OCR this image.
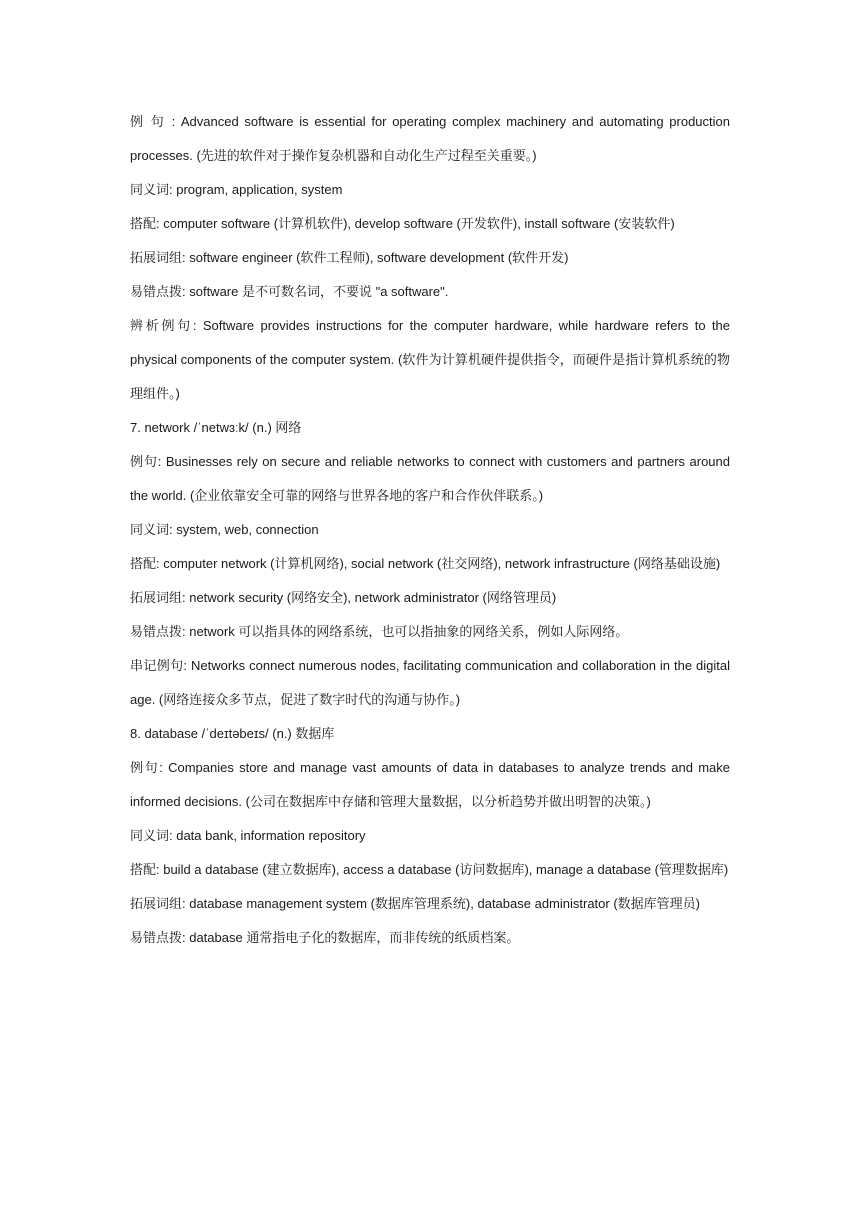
例 句 : Advanced software is essential for operating complex machinery and automating production processes. (先进的软件对于操作复杂机器和自动化生产过程至关重要。)

同义词: program, application, system

搭配: computer software (计算机软件), develop software (开发软件), install software (安装软件)

拓展词组: software engineer (软件工程师), software development (软件开发)

易错点拨: software 是不可数名词，不要说 "a software".

辨析例句: Software provides instructions for the computer hardware, while hardware refers to the physical components of the computer system. (软件为计算机硬件提供指令，而硬件是指计算机系统的物理组件。)

7. network /ˈnetwɜːk/ (n.) 网络

例句: Businesses rely on secure and reliable networks to connect with customers and partners around the world. (企业依靠安全可靠的网络与世界各地的客户和合作伙伴联系。)

同义词: system, web, connection

搭配: computer network (计算机网络), social network (社交网络), network infrastructure (网络基础设施)

拓展词组: network security (网络安全), network administrator (网络管理员)

易错点拨: network 可以指具体的网络系统，也可以指抽象的网络关系，例如人际网络。

串记例句: Networks connect numerous nodes, facilitating communication and collaboration in the digital age. (网络连接众多节点，促进了数字时代的沟通与协作。)

8. database /ˈdeɪtəbeɪs/ (n.) 数据库

例句: Companies store and manage vast amounts of data in databases to analyze trends and make informed decisions. (公司在数据库中存储和管理大量数据，以分析趋势并做出明智的决策。)

同义词: data bank, information repository

搭配: build a database (建立数据库), access a database (访问数据库), manage a database (管理数据库)

拓展词组: database management system (数据库管理系统), database administrator (数据库管理员)

易错点拨: database 通常指电子化的数据库，而非传统的纸质档案。
